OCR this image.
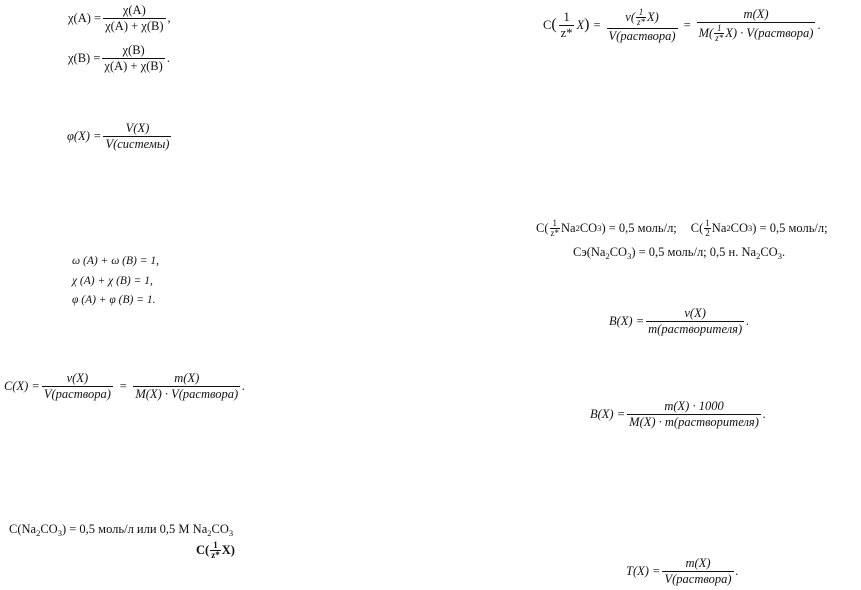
$\chi(A) = \frac{\chi(A)}{\chi(A) + \chi(B)}$ ,
$\chi(B) = \frac{\chi(B)}{\chi(A) + \chi(B)}$ .
$\varphi(X) = \frac{V(X)}{\text{V(системы)}}$
ω (A) + ω (B) = 1,
χ (A) + χ (B) = 1,
φ (A) + φ (B) = 1.
$C(X) = \frac{\nu(X)}{\text{V(раствора)}} = \frac{m(X)}{\text{M(X) · V(раствора)}}$ .
$C(Na_2CO_3) = 0,5$ моль/л или 0,5 М $Na_2CO_3$
C( 1
z* X)
C ( $\frac{1}{z*}$ X ) = ν( 1
z* X)
V(раствора) = m(X)
M( 1
z* X) · V(раствора) .
C( 1
z* Na 2 CO 3 ) = 0,5 моль/л; C( 1
2 Na 2 CO 3 ) = 0,5 моль/л;
$Cэ(Na_2CO_3) = 0,5$ моль/л; 0,5 н. $Na_2CO_3$.
$B(X) = \frac{\nu(X)}{\text{m(растворителя)}}$ .
$B(X) = \frac{m(X) \cdot 1000}{\text{M(X) · m(растворителя)}}$ .
$T(X) = \frac{m(X)}{\text{V(раствора)}}$ .
